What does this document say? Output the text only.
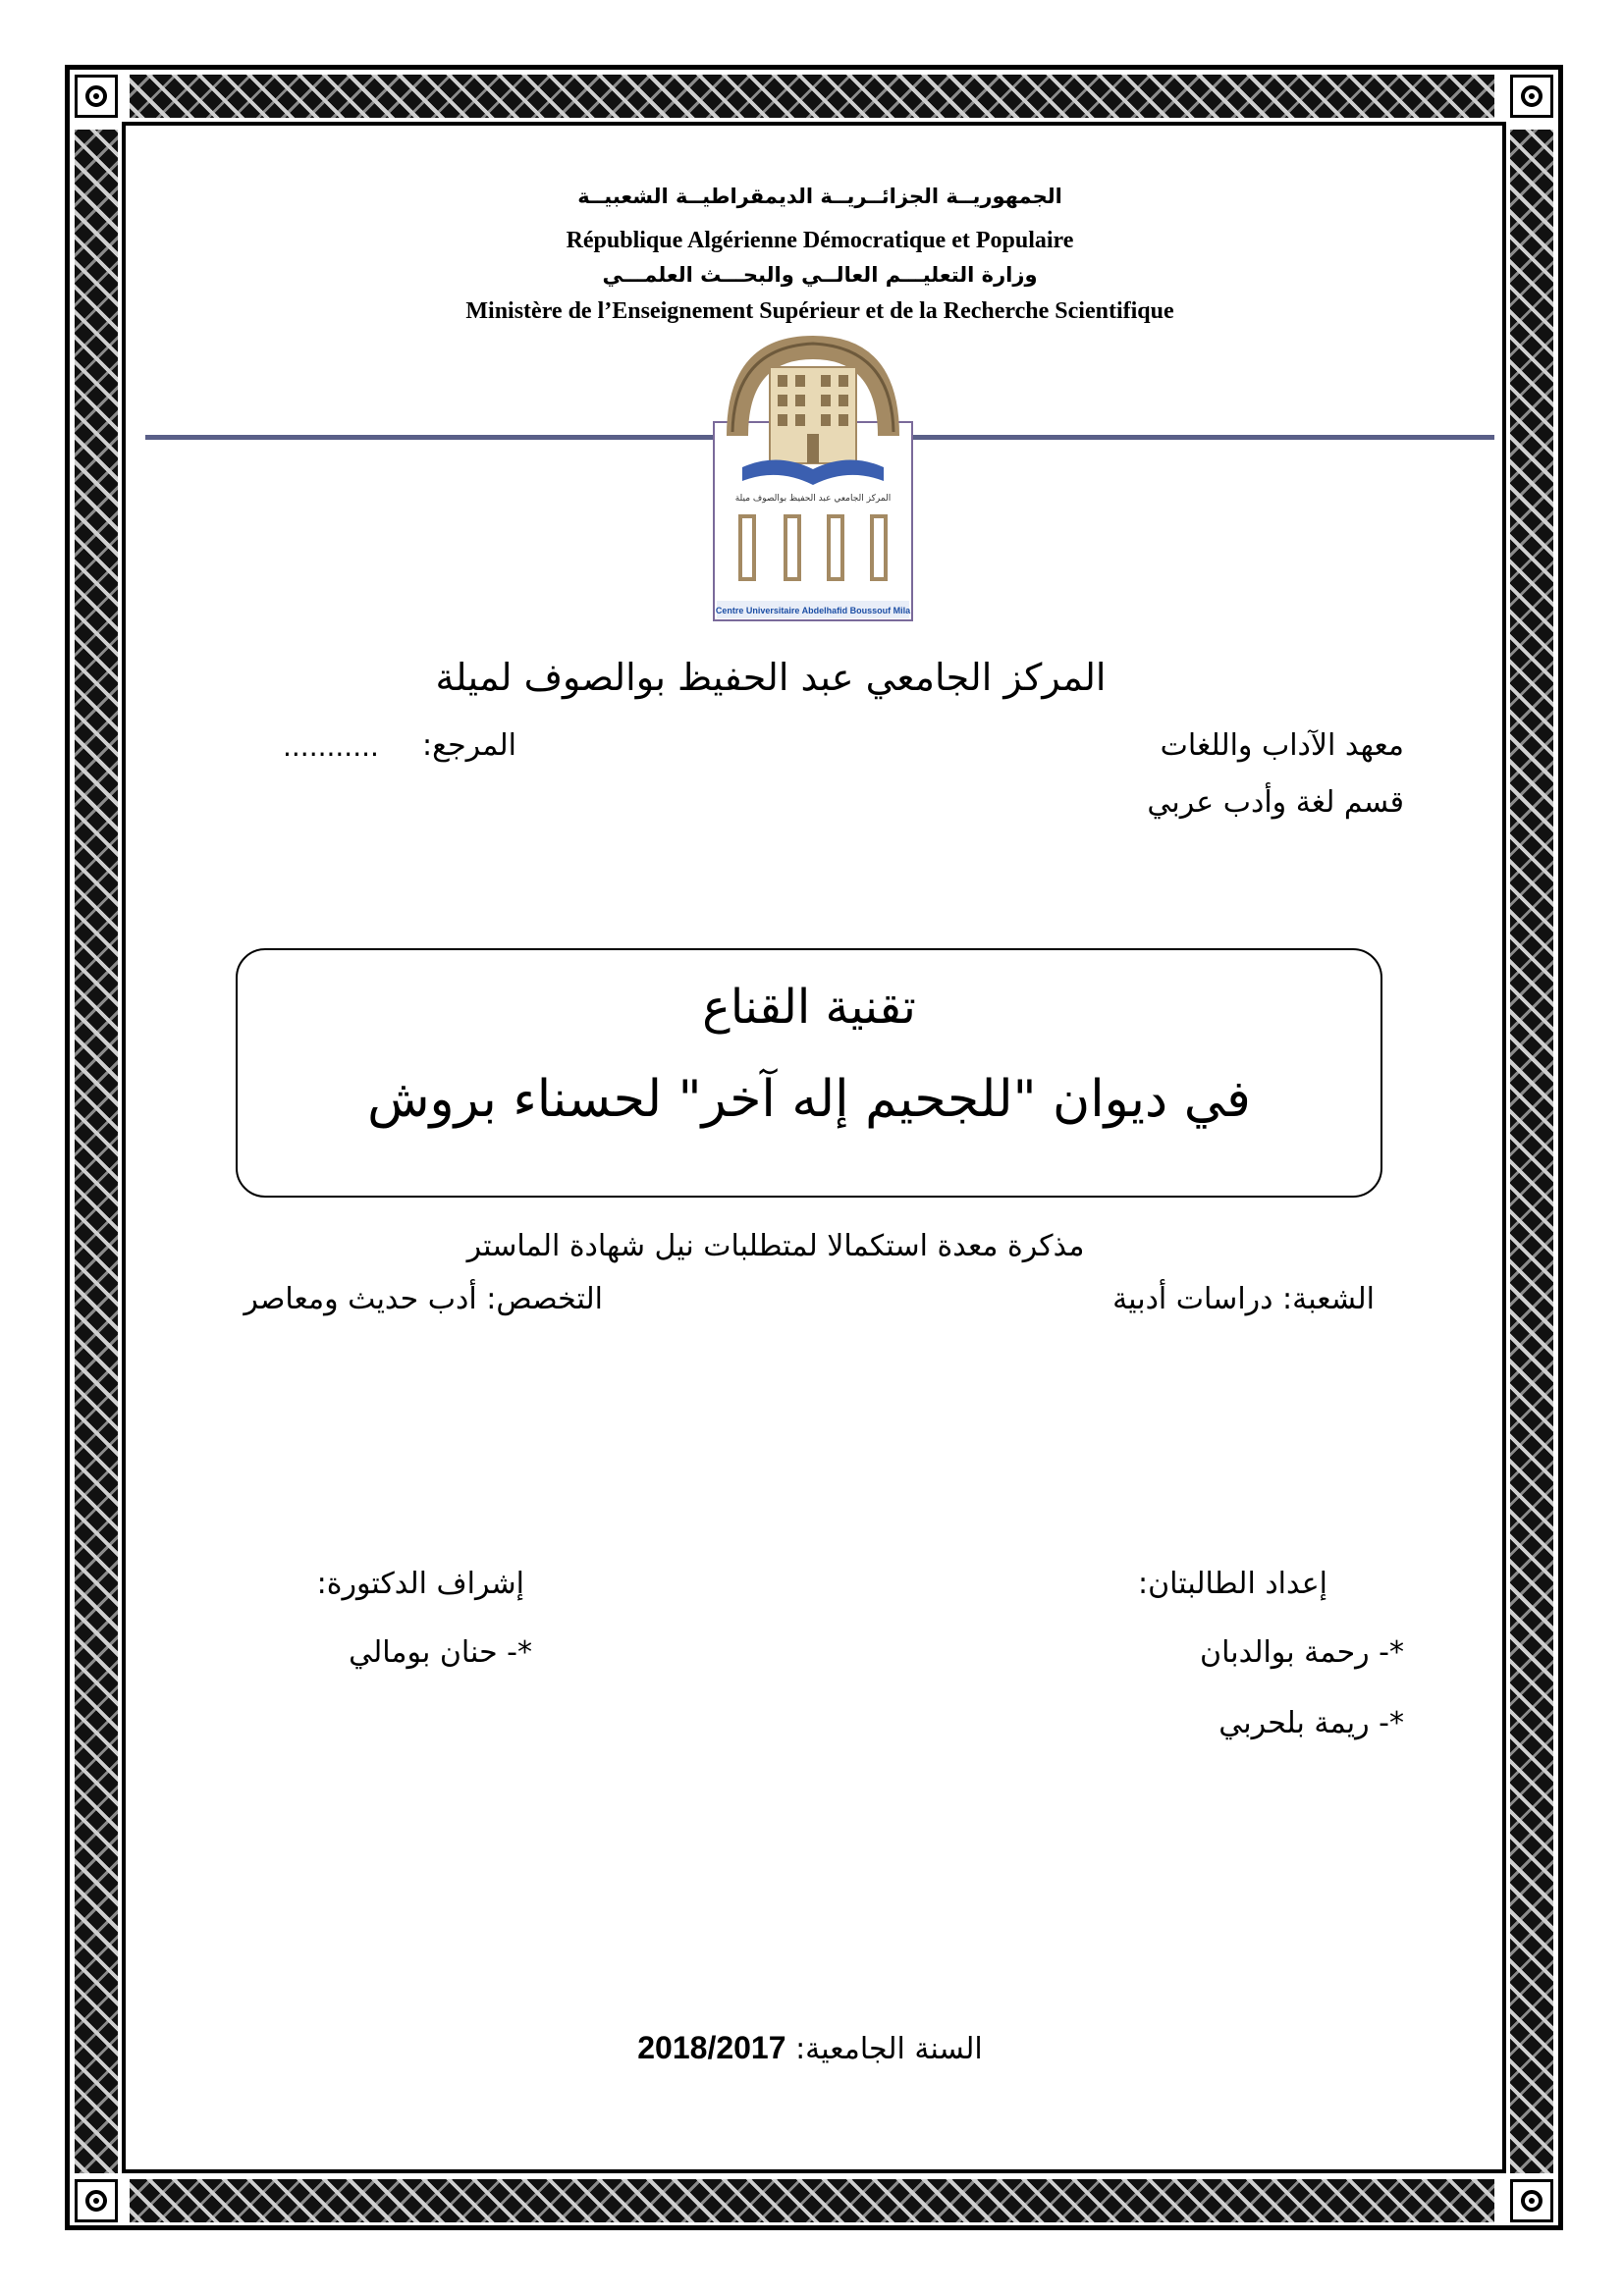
الجمهوريــة الجزائــريــة الديمقراطيــة الشعبيــة
République Algérienne Démocratique et Populaire
وزارة التعليـــم العالــي والبحـــث العلمـــي
Ministère de l’Enseignement Supérieur et de la Recherche Scientifique
المركز الجامعي عبد الحفيظ بوالصوف ميلة
Centre Universitaire Abdelhafid Boussouf Mila
المركز الجامعي عبد الحفيظ بوالصوف لميلة
معهد الآداب واللغات
المرجع:
...........
قسم لغة وأدب عربي
تقنية القناع
في ديوان "للجحيم إله آخر" لحسناء بروش
مذكرة معدة استكمالا لمتطلبات نيل شهادة الماستر
الشعبة: دراسات أدبية
التخصص: أدب حديث ومعاصر
إعداد الطالبتان:
إشراف الدكتورة:
*- رحمة بوالدبان
*- ريمة بلحربي
*- حنان بومالي
السنة الجامعية: 2018/2017
